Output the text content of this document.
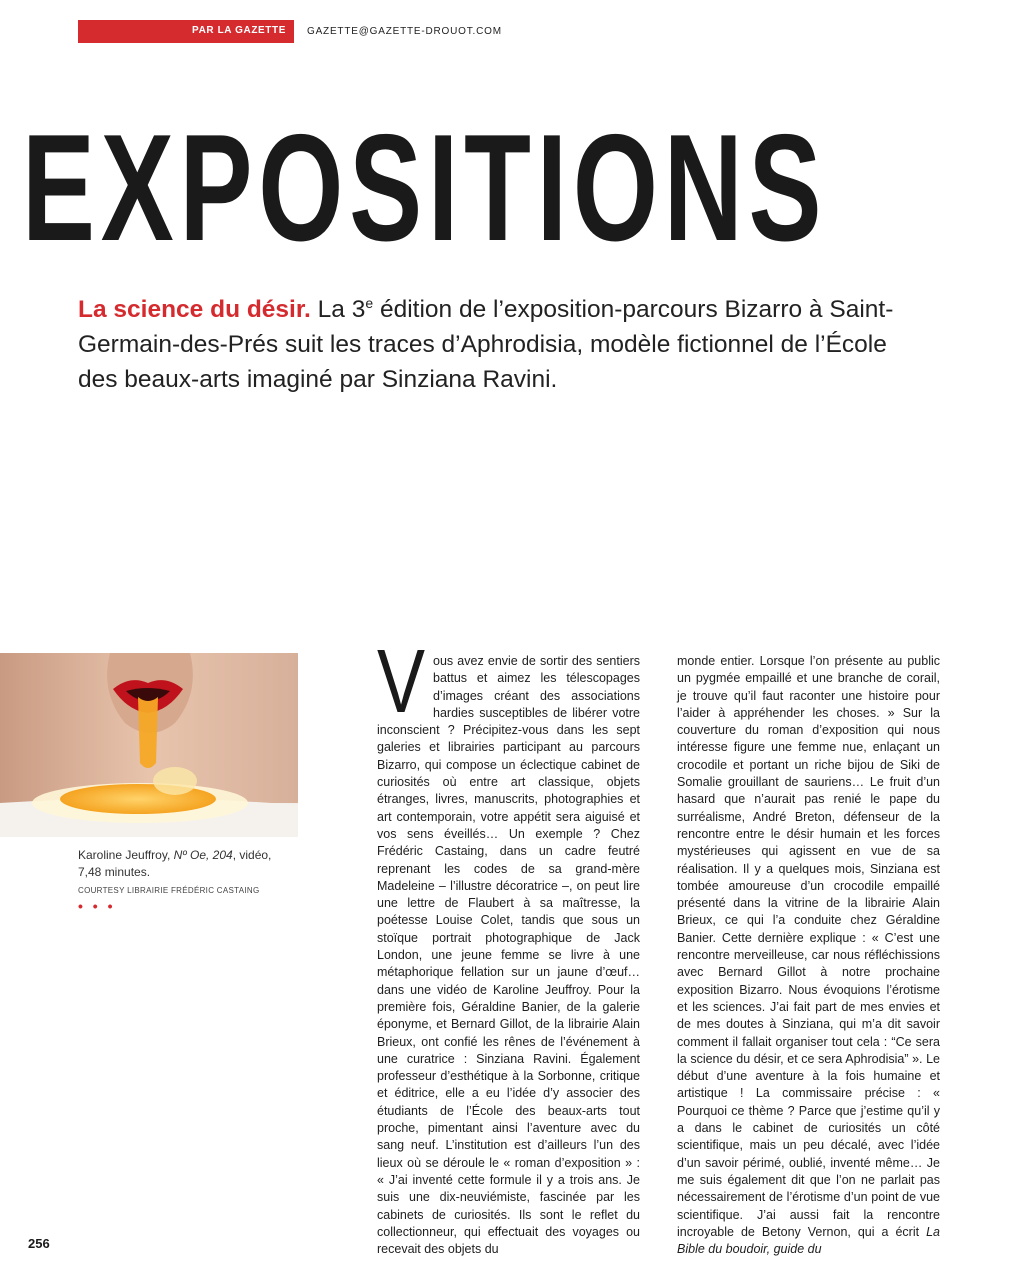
PAR LA GAZETTE GAZETTE@GAZETTE-DROUOT.COM
EXPOSITIONS
La science du désir. La 3e édition de l’exposition-parcours Bizarro à Saint-Germain-des-Prés suit les traces d’Aphrodisia, modèle fictionnel de l’École des beaux-arts imaginé par Sinziana Ravini.
Karoline Jeuffroy, Nº Oe, 204, vidéo, 7,48 minutes.
COURTESY LIBRAIRIE FRÉDÉRIC CASTAING
• • •
V ous avez envie de sortir des sentiers battus et aimez les télescopages d’images créant des associations hardies susceptibles de libérer votre inconscient ? Précipitez-vous dans les sept galeries et librairies participant au parcours Bizarro, qui compose un éclectique cabinet de curiosités où entre art classique, objets étranges, livres, manuscrits, photographies et art contemporain, votre appétit sera aiguisé et vos sens éveillés… Un exemple ? Chez Frédéric Castaing, dans un cadre feutré reprenant les codes de sa grand-mère Madeleine – l’illustre décoratrice –, on peut lire une lettre de Flaubert à sa maîtresse, la poétesse Louise Colet, tandis que sous un stoïque portrait photographique de Jack London, une jeune femme se livre à une métaphorique fellation sur un jaune d’œuf… dans une vidéo de Karoline Jeuffroy. Pour la première fois, Géraldine Banier, de la galerie éponyme, et Bernard Gillot, de la librairie Alain Brieux, ont confié les rênes de l’événement à une curatrice : Sinziana Ravini. Également professeur d’esthétique à la Sorbonne, critique et éditrice, elle a eu l’idée d’y associer des étudiants de l’École des beaux-arts tout proche, pimentant ainsi l’aventure avec du sang neuf. L’institution est d’ailleurs l’un des lieux où se déroule le « roman d’exposition » : « J’ai inventé cette formule il y a trois ans. Je suis une dix-neuviémiste, fascinée par les cabinets de curiosités. Ils sont le reflet du collectionneur, qui effectuait des voyages ou recevait des objets du

monde entier. Lorsque l’on présente au public un pygmée empaillé et une branche de corail, je trouve qu’il faut raconter une histoire pour l’aider à appréhender les choses. » Sur la couverture du roman d’exposition qui nous intéresse figure une femme nue, enlaçant un crocodile et portant un riche bijou de Siki de Somalie grouillant de sauriens… Le fruit d’un hasard que n’aurait pas renié le pape du surréalisme, André Breton, défenseur de la rencontre entre le désir humain et les forces mystérieuses qui agissent en vue de sa réalisation. Il y a quelques mois, Sinziana est tombée amoureuse d’un crocodile empaillé présenté dans la vitrine de la librairie Alain Brieux, ce qui l’a conduite chez Géraldine Banier. Cette dernière explique : « C’est une rencontre merveilleuse, car nous réfléchissions avec Bernard Gillot à notre prochaine exposition Bizarro. Nous évoquions l’érotisme et les sciences. J’ai fait part de mes envies et de mes doutes à Sinziana, qui m’a dit savoir comment il fallait organiser tout cela : “Ce sera la science du désir, et ce sera Aphrodisia” ». Le début d’une aventure à la fois humaine et artistique ! La commissaire précise : « Pourquoi ce thème ? Parce que j’estime qu’il y a dans le cabinet de curiosités un côté scientifique, mais un peu décalé, avec l’idée d’un savoir périmé, oublié, inventé même… Je me suis également dit que l’on ne parlait pas nécessairement de l’érotisme d’un point de vue scientifique. J’ai aussi fait la rencontre incroyable de Betony Vernon, qui a écrit La Bible du boudoir, guide du

256
